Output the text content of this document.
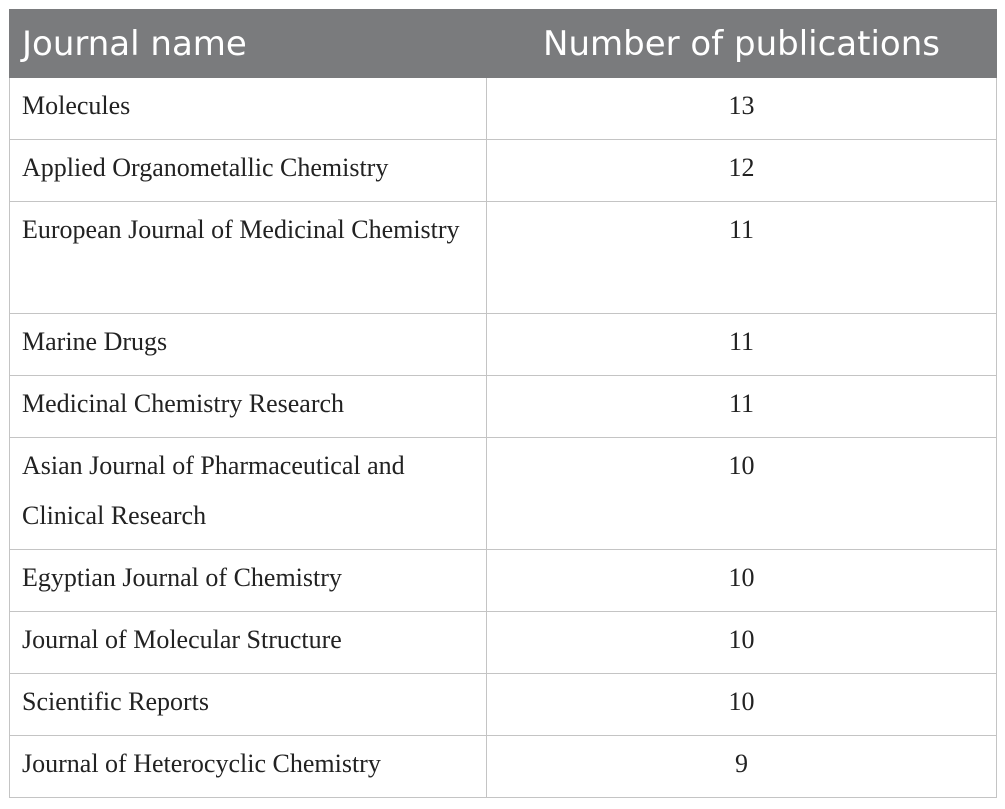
Journal name	Number of publications

Molecules	13

Applied Organometallic Chemistry	12

European Journal of Medicinal Chemistry	11

Marine Drugs	11

Medicinal Chemistry Research	11

Asian Journal of Pharmaceutical and Clinical Research	10

Egyptian Journal of Chemistry	10

Journal of Molecular Structure	10

Scientific Reports	10

Journal of Heterocyclic Chemistry	9
